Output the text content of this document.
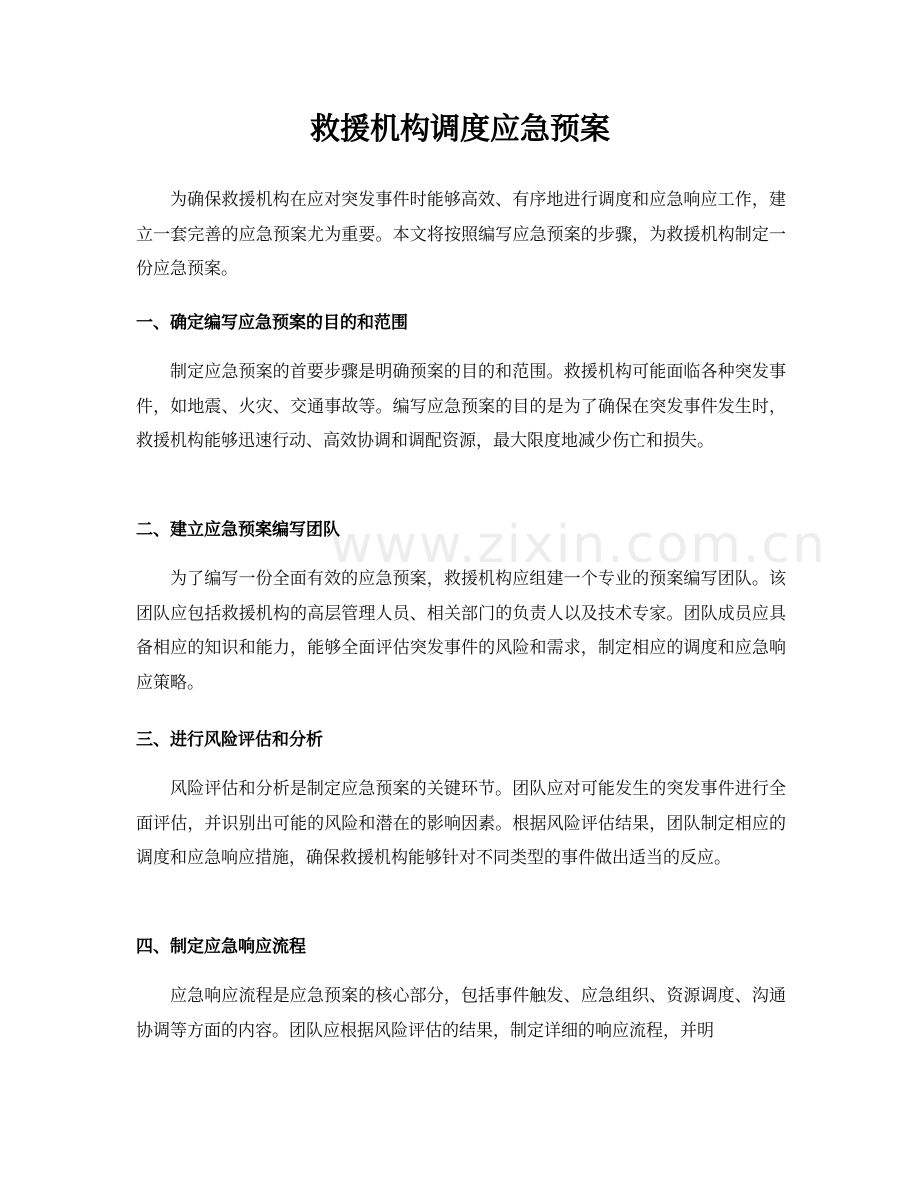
救援机构调度应急预案

为确保救援机构在应对突发事件时能够高效、有序地进行调度和应急响应工作，建立一套完善的应急预案尤为重要。本文将按照编写应急预案的步骤，为救援机构制定一份应急预案。

一、确定编写应急预案的目的和范围

制定应急预案的首要步骤是明确预案的目的和范围。救援机构可能面临各种突发事件，如地震、火灾、交通事故等。编写应急预案的目的是为了确保在突发事件发生时，救援机构能够迅速行动、高效协调和调配资源，最大限度地减少伤亡和损失。

二、建立应急预案编写团队

为了编写一份全面有效的应急预案，救援机构应组建一个专业的预案编写团队。该团队应包括救援机构的高层管理人员、相关部门的负责人以及技术专家。团队成员应具备相应的知识和能力，能够全面评估突发事件的风险和需求，制定相应的调度和应急响应策略。

三、进行风险评估和分析

风险评估和分析是制定应急预案的关键环节。团队应对可能发生的突发事件进行全面评估，并识别出可能的风险和潜在的影响因素。根据风险评估结果，团队制定相应的调度和应急响应措施，确保救援机构能够针对不同类型的事件做出适当的反应。

四、制定应急响应流程

应急响应流程是应急预案的核心部分，包括事件触发、应急组织、资源调度、沟通协调等方面的内容。团队应根据风险评估的结果，制定详细的响应流程，并明

www.zixin.com.cn
